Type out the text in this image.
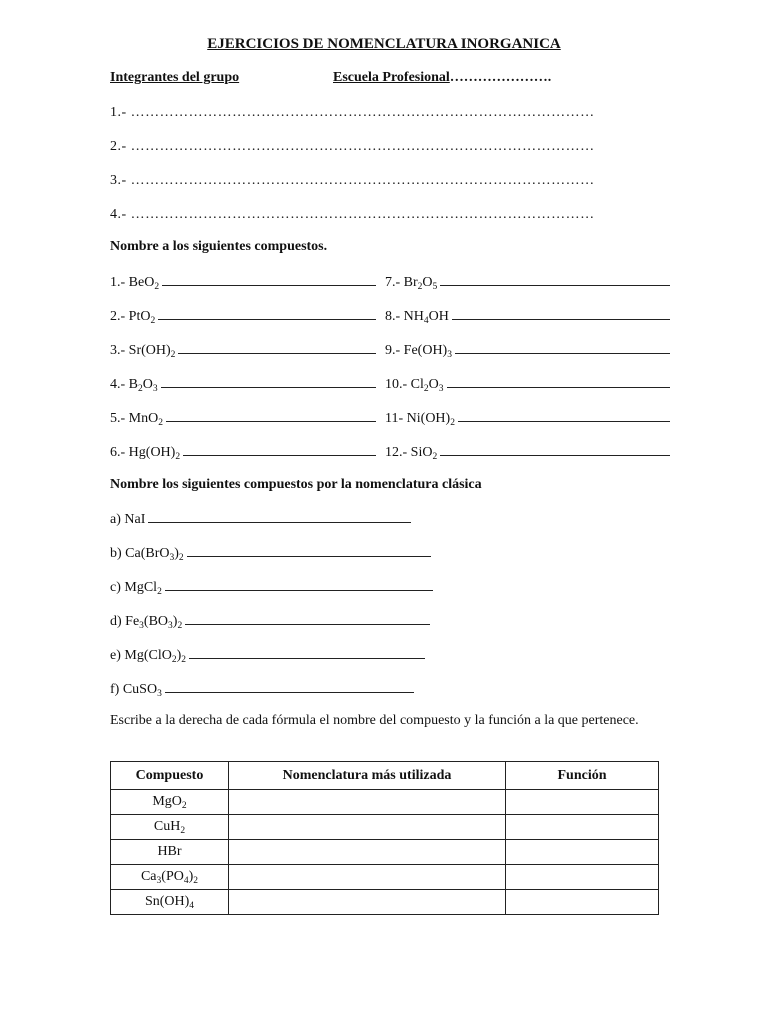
EJERCICIOS DE NOMENCLATURA INORGANICA
Integrantes del grupo	Escuela Profesional………………….
1.- ……………………………………………………………………………………
2.- ……………………………………………………………………………………
3.- ……………………………………………………………………………………
4.- ……………………………………………………………………………………
Nombre a los siguientes compuestos.
1.- BeO$_2$
2.- PtO$_2$
3.- $Sr(OH)_2$
4.- $B_2O_3$
5.- MnO$_2$
6.- $Hg(OH)_2$
7.- $Br_2O_5$
8.- $NH_4OH$
9.- $Fe(OH)_3$
10.- $Cl_2O_3$
11- $Ni(OH)_2$
12.- SiO$_2$
Nombre los siguientes compuestos por la nomenclatura clásica
a) NaI
b) $Ca(BrO_3)_2$
c) MgCl$_2$
d) $Fe_3(BO_3)_2$
e) $Mg(ClO_2)_2$
f) CuSO$_3$
Escribe a la derecha de cada fórmula el nombre del compuesto y la función a la que pertenece.
Compuesto	Nomenclatura más utilizada	Función
MgO$_2$		
CuH$_2$		
HBr		
$Ca_3(PO_4)_2$		
$Sn(OH)_4$		
